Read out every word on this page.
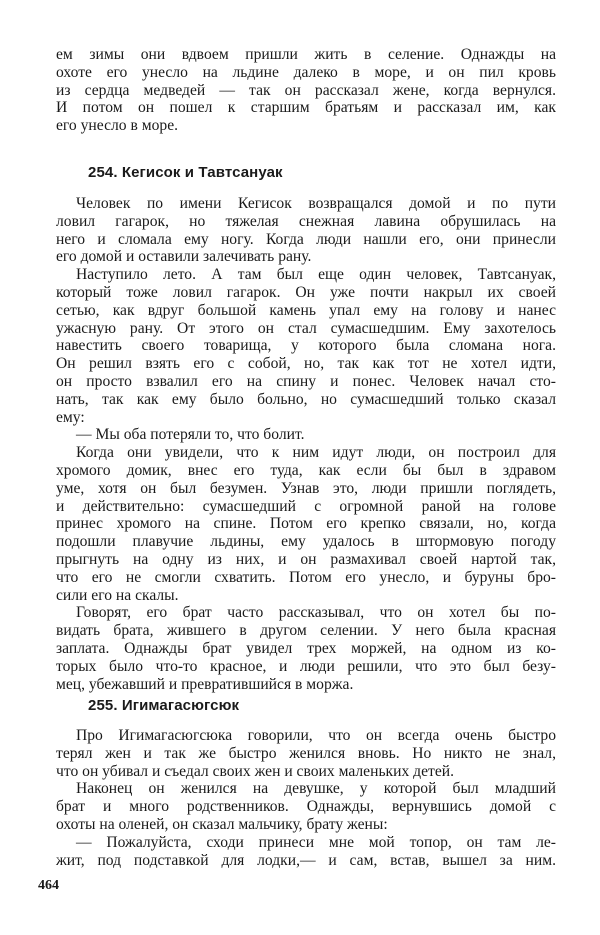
ем зимы они вдвоем пришли жить в селение. Однажды на

охоте его унесло на льдине далеко в море, и он пил кровь

из сердца медведей — так он рассказал жене, когда вернулся.

И потом он пошел к старшим братьям и рассказал им, как

его унесло в море.

254. Кегисок и Тавтсануак

Человек по имени Кегисок возвращался домой и по пути

ловил гагарок, но тяжелая снежная лавина обрушилась на

него и сломала ему ногу. Когда люди нашли его, они принесли

его домой и оставили залечивать рану.

Наступило лето. А там был еще один человек, Тавтсануак,

который тоже ловил гагарок. Он уже почти накрыл их своей

сетью, как вдруг большой камень упал ему на голову и нанес

ужасную рану. От этого он стал сумасшедшим. Ему захотелось

навестить своего товарища, у которого была сломана нога.

Он решил взять его с собой, но, так как тот не хотел идти,

он просто взвалил его на спину и понес. Человек начал сто-

нать, так как ему было больно, но сумасшедший только сказал

ему:

— Мы оба потеряли то, что болит.

Когда они увидели, что к ним идут люди, он построил для

хромого домик, внес его туда, как если бы был в здравом

уме, хотя он был безумен. Узнав это, люди пришли поглядеть,

и действительно: сумасшедший с огромной раной на голове

принес хромого на спине. Потом его крепко связали, но, когда

подошли плавучие льдины, ему удалось в штормовую погоду

прыгнуть на одну из них, и он размахивал своей нартой так,

что его не смогли схватить. Потом его унесло, и буруны бро-

сили его на скалы.

Говорят, его брат часто рассказывал, что он хотел бы по-

видать брата, жившего в другом селении. У него была красная

заплата. Однажды брат увидел трех моржей, на одном из ко-

торых было что-то красное, и люди решили, что это был безу-

мец, убежавший и превратившийся в моржа.

255. Игимагасюгсюк

Про Игимагасюгсюка говорили, что он всегда очень быстро

терял жен и так же быстро женился вновь. Но никто не знал,

что он убивал и съедал своих жен и своих маленьких детей.

Наконец он женился на девушке, у которой был младший

брат и много родственников. Однажды, вернувшись домой с

охоты на оленей, он сказал мальчику, брату жены:

— Пожалуйста, сходи принеси мне мой топор, он там ле-

жит, под подставкой для лодки,— и сам, встав, вышел за ним.

464
